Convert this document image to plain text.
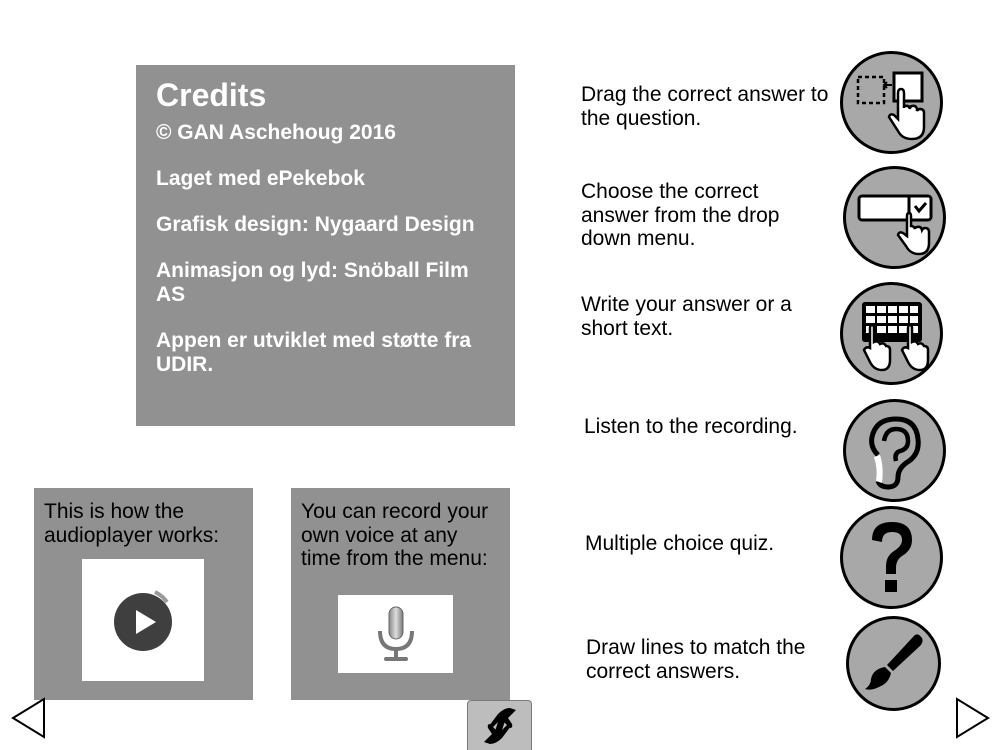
Credits

© GAN Aschehoug 2016

Laget med ePekebok

Grafisk design: Nygaard Design

Animasjon og lyd: Snöball Film AS

Appen er utviklet med støtte fra UDIR.

This is how the audioplayer works:
You can record your own voice at any time from the menu:
Drag the correct answer to the question.
Choose the correct answer from the drop down menu.
Write your answer or a short text.
Listen to the recording.
Multiple choice quiz.
Draw lines to match the correct answers.
